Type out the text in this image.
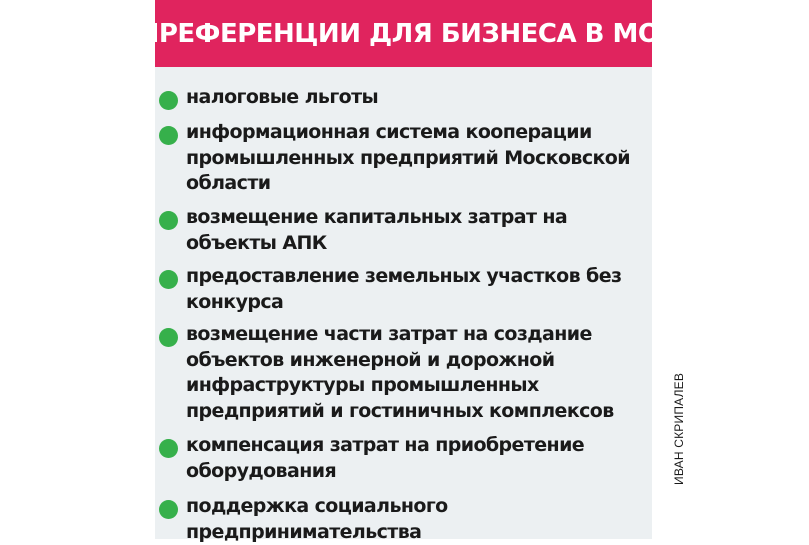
ПРЕФЕРЕНЦИИ ДЛЯ БИЗНЕСА В МО:
налоговые льготы
информационная система кооперации промышленных предприятий Московской области
возмещение капитальных затрат на объекты АПК
предоставление земельных участков без конкурса
возмещение части затрат на создание объектов инженерной и дорожной инфраструктуры промышленных предприятий и гостиничных комплексов
компенсация затрат на приобретение оборудования
поддержка социального предпринимательства
ИВАН СКРИПАЛЕВ
